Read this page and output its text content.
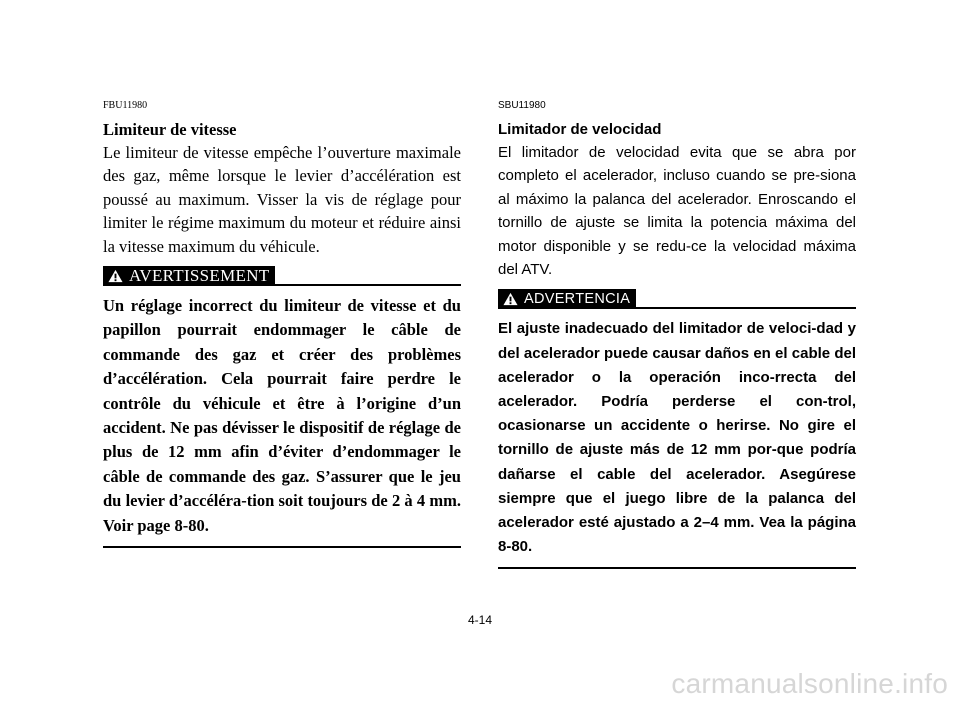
FBU11980

Limiteur de vitesse

Le limiteur de vitesse empêche l’ouverture maximale des gaz, même lorsque le levier d’accélération est poussé au maximum. Visser la vis de réglage pour limiter le régime maximum du moteur et réduire ainsi la vitesse maximum du véhicule.

AVERTISSEMENT

Un réglage incorrect du limiteur de vitesse et du papillon pourrait endommager le câble de commande des gaz et créer des problèmes d’accélération. Cela pourrait faire perdre le contrôle du véhicule et être à l’origine d’un accident. Ne pas dévisser le dispositif de réglage de plus de 12 mm afin d’éviter d’endommager le câble de commande des gaz. S’assurer que le jeu du levier d’accéléra-tion soit toujours de 2 à 4 mm. Voir page 8-80.

SBU11980

Limitador de velocidad

El limitador de velocidad evita que se abra por completo el acelerador, incluso cuando se pre-siona al máximo la palanca del acelerador. Enroscando el tornillo de ajuste se limita la potencia máxima del motor disponible y se redu-ce la velocidad máxima del ATV.

ADVERTENCIA

El ajuste inadecuado del limitador de veloci-dad y del acelerador puede causar daños en el cable del acelerador o la operación inco-rrecta del acelerador. Podría perderse el con-trol, ocasionarse un accidente o herirse. No gire el tornillo de ajuste más de 12 mm por-que podría dañarse el cable del acelerador. Asegúrese siempre que el juego libre de la palanca del acelerador esté ajustado a 2–4 mm. Vea la página 8-80.

4-14
carmanualsonline.info
